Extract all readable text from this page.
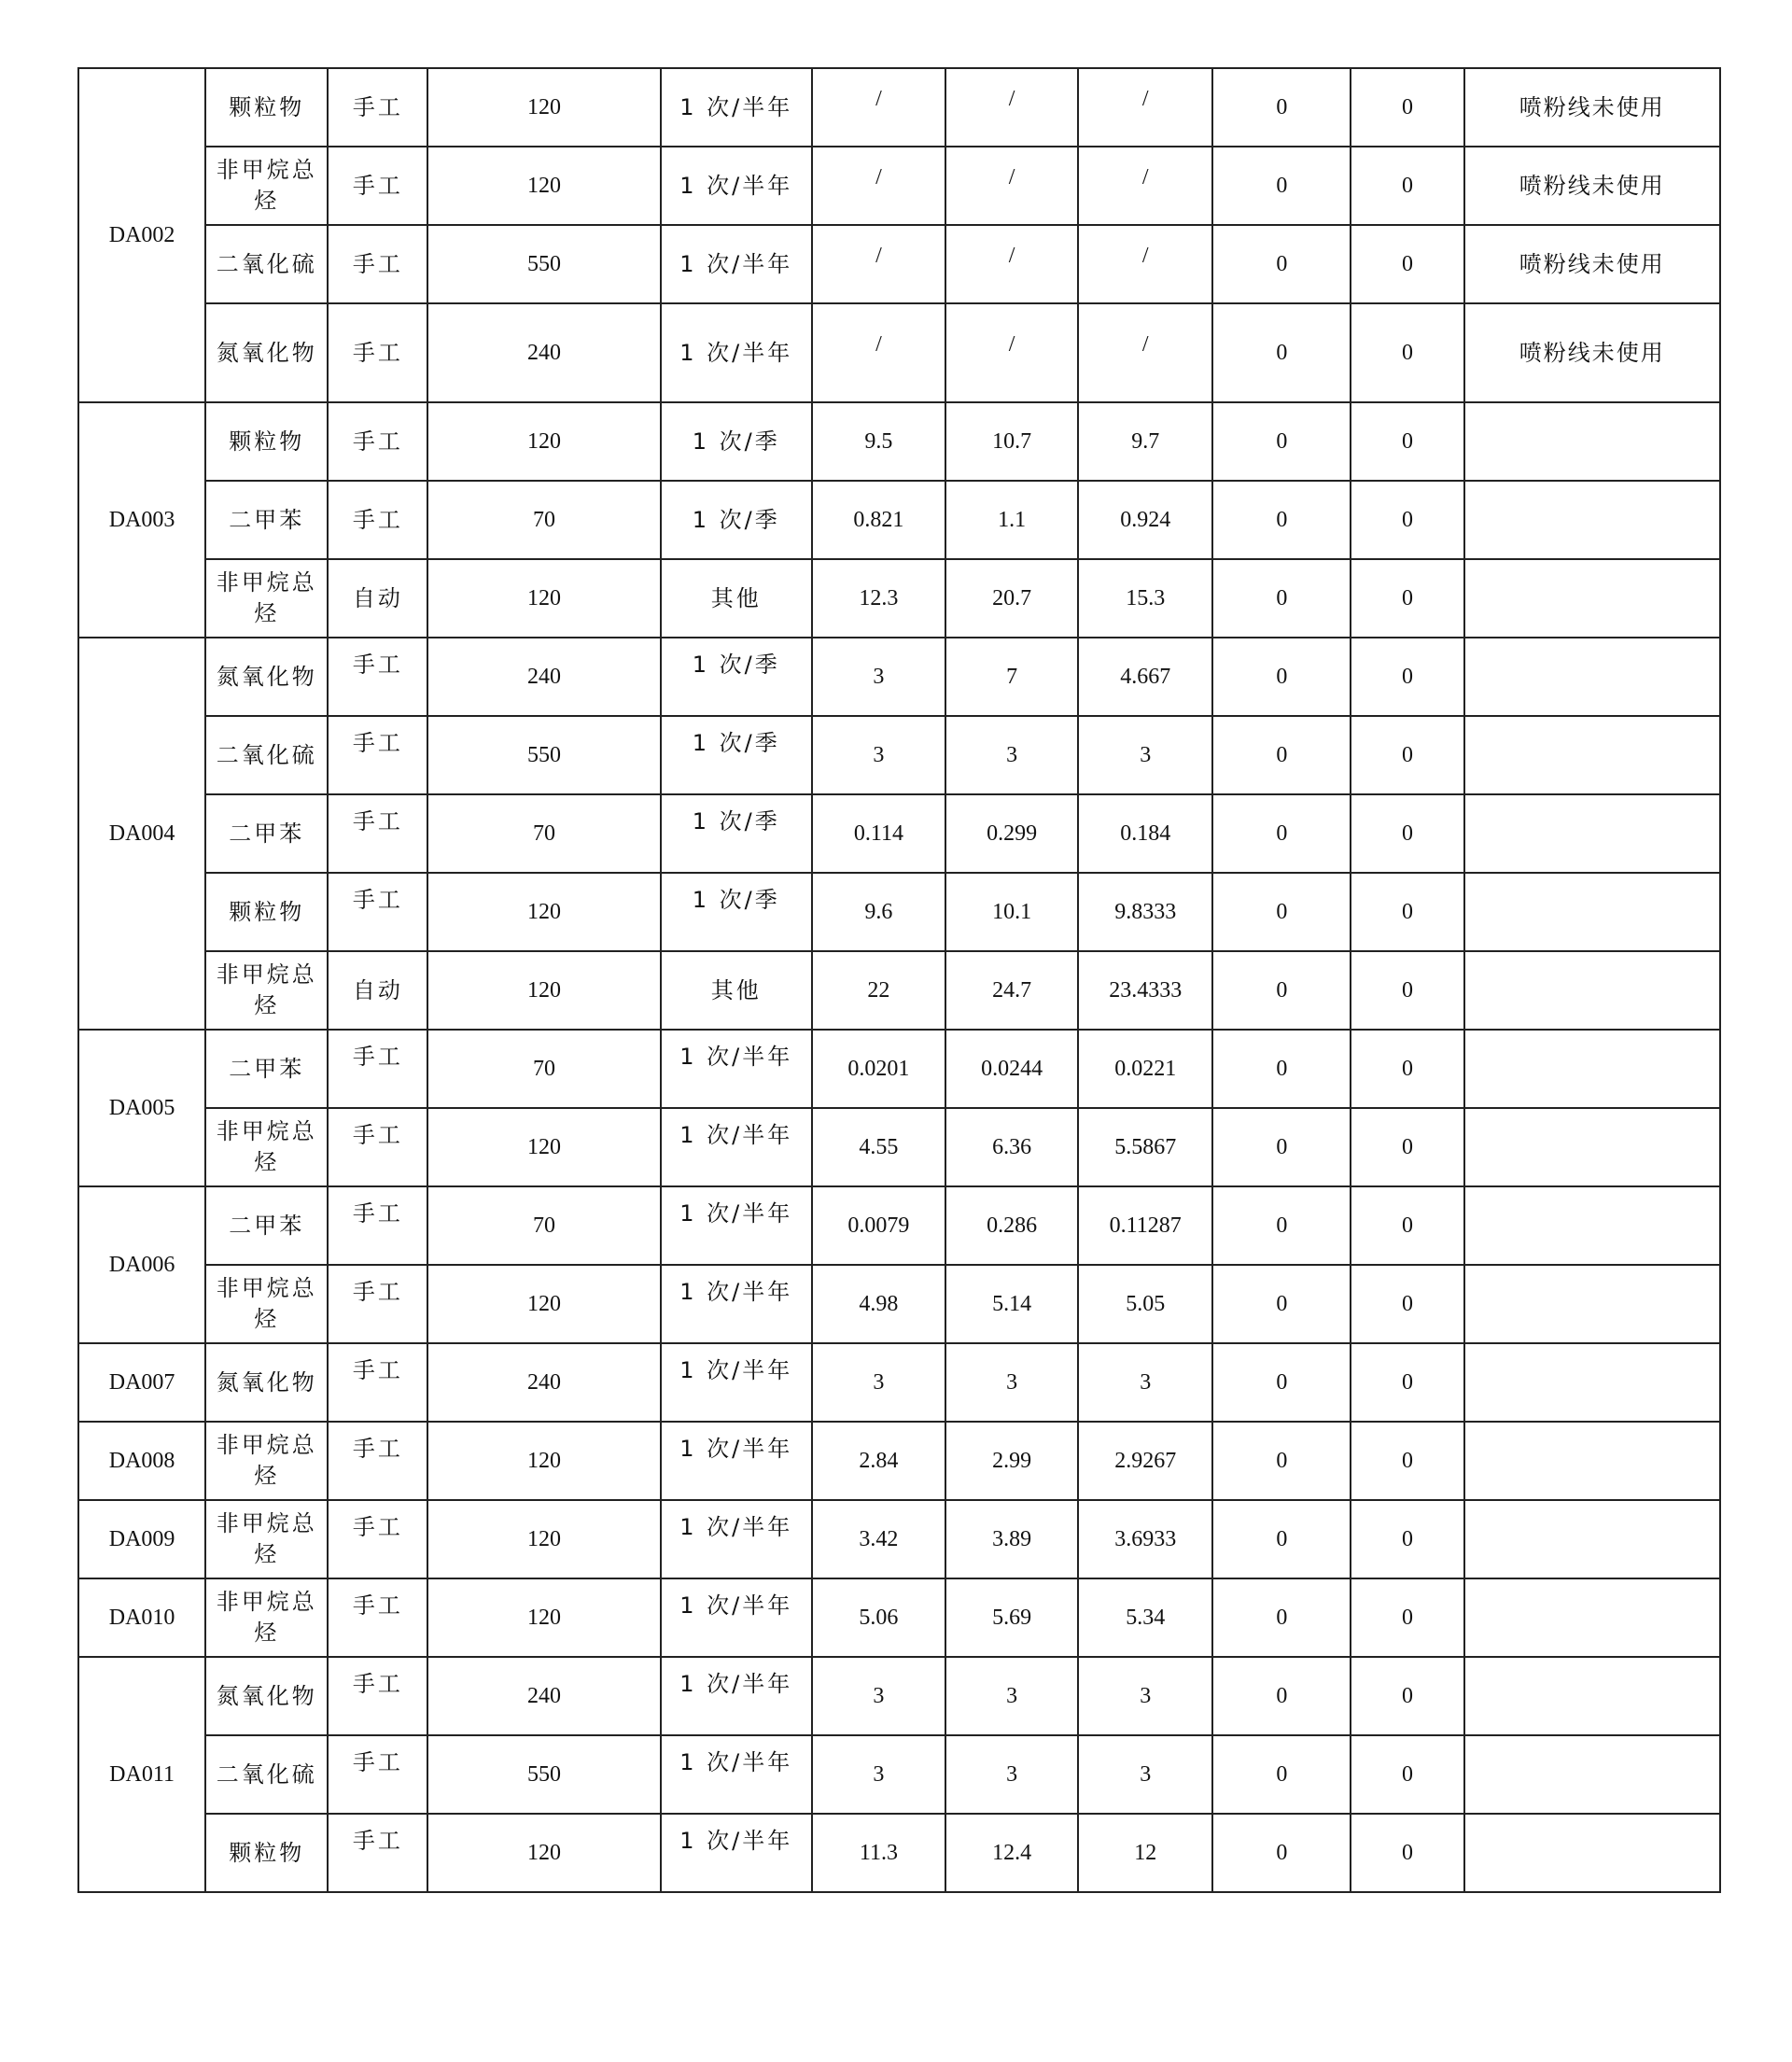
DA002	颗粒物	手工	120	1 次/半年	/	/	/	0	0	喷粉线未使用
	非甲烷总烃	手工	120	1 次/半年	/	/	/	0	0	喷粉线未使用
	二氧化硫	手工	550	1 次/半年	/	/	/	0	0	喷粉线未使用
	氮氧化物	手工	240	1 次/半年	/	/	/	0	0	喷粉线未使用
DA003	颗粒物	手工	120	1 次/季	9.5	10.7	9.7	0	0	
	二甲苯	手工	70	1 次/季	0.821	1.1	0.924	0	0	
	非甲烷总烃	自动	120	其他	12.3	20.7	15.3	0	0	
DA004	氮氧化物	手工	240	1 次/季	3	7	4.667	0	0	
	二氧化硫	手工	550	1 次/季	3	3	3	0	0	
	二甲苯	手工	70	1 次/季	0.114	0.299	0.184	0	0	
	颗粒物	手工	120	1 次/季	9.6	10.1	9.8333	0	0	
	非甲烷总烃	自动	120	其他	22	24.7	23.4333	0	0	
DA005	二甲苯	手工	70	1 次/半年	0.0201	0.0244	0.0221	0	0	
	非甲烷总烃	手工	120	1 次/半年	4.55	6.36	5.5867	0	0	
DA006	二甲苯	手工	70	1 次/半年	0.0079	0.286	0.11287	0	0	
	非甲烷总烃	手工	120	1 次/半年	4.98	5.14	5.05	0	0	
DA007	氮氧化物	手工	240	1 次/半年	3	3	3	0	0	
DA008	非甲烷总烃	手工	120	1 次/半年	2.84	2.99	2.9267	0	0	
DA009	非甲烷总烃	手工	120	1 次/半年	3.42	3.89	3.6933	0	0	
DA010	非甲烷总烃	手工	120	1 次/半年	5.06	5.69	5.34	0	0	
DA011	氮氧化物	手工	240	1 次/半年	3	3	3	0	0	
	二氧化硫	手工	550	1 次/半年	3	3	3	0	0	
	颗粒物	手工	120	1 次/半年	11.3	12.4	12	0	0	
